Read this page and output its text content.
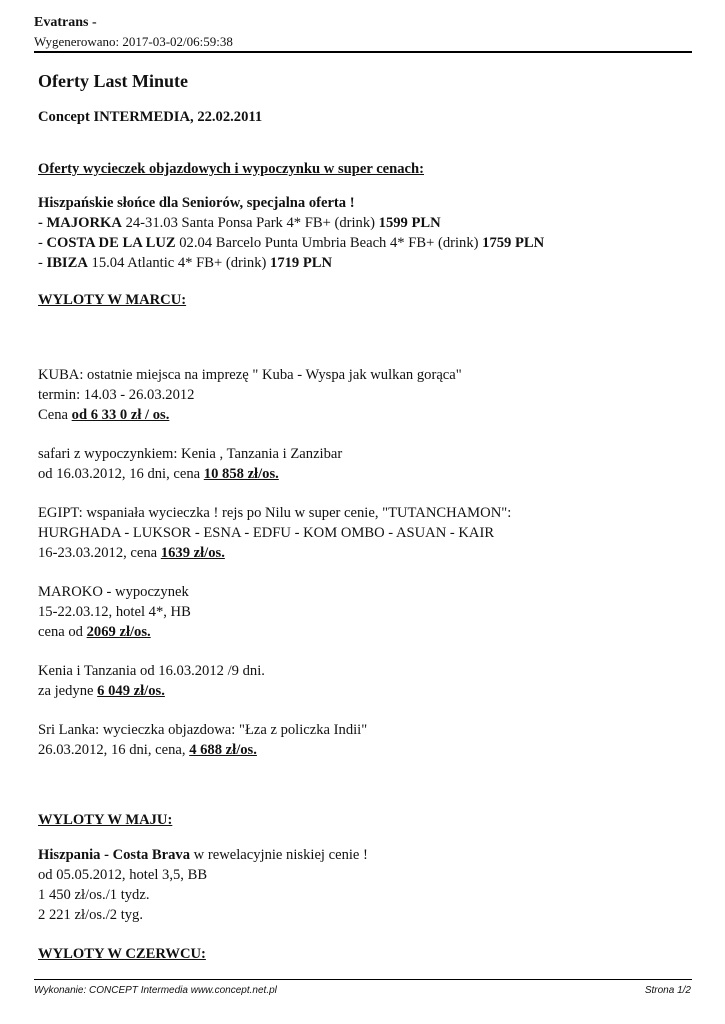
Evatrans -
Wygenerowano: 2017-03-02/06:59:38
Oferty Last Minute
Concept INTERMEDIA, 22.02.2011
Oferty wycieczek objazdowych i wypoczynku w super cenach:
Hiszpańskie słońce dla Seniorów, specjalna oferta !
- MAJORKA 24-31.03 Santa Ponsa Park 4* FB+ (drink) 1599 PLN
- COSTA DE LA LUZ 02.04 Barcelo Punta Umbria Beach 4* FB+ (drink) 1759 PLN
- IBIZA 15.04 Atlantic 4* FB+ (drink) 1719 PLN
WYLOTY W MARCU:
KUBA: ostatnie miejsca na imprezę " Kuba - Wyspa jak wulkan gorąca"
termin: 14.03 - 26.03.2012
Cena od 6 33 0 zł / os.
safari z wypoczynkiem: Kenia , Tanzania i Zanzibar
od 16.03.2012, 16 dni, cena 10 858 zł/os.
EGIPT: wspaniała wycieczka ! rejs po Nilu w super cenie, "TUTANCHAMON":
HURGHADA - LUKSOR - ESNA - EDFU - KOM OMBO - ASUAN - KAIR
16-23.03.2012, cena 1639 zł/os.
MAROKO - wypoczynek
15-22.03.12, hotel 4*, HB
cena od 2069 zł/os.
Kenia i Tanzania od 16.03.2012 /9 dni.
za jedyne 6 049 zł/os.
Sri Lanka: wycieczka objazdowa: "Łza z policzka Indii"
26.03.2012, 16 dni, cena, 4 688 zł/os.
WYLOTY W MAJU:
Hiszpania - Costa Brava w rewelacyjnie niskiej cenie !
od 05.05.2012, hotel 3,5, BB
1 450 zł/os./1 tydz.
2 221 zł/os./2 tyg.
WYLOTY W CZERWCU:
Wykonanie: CONCEPT Intermedia www.concept.net.pl	Strona 1/2
